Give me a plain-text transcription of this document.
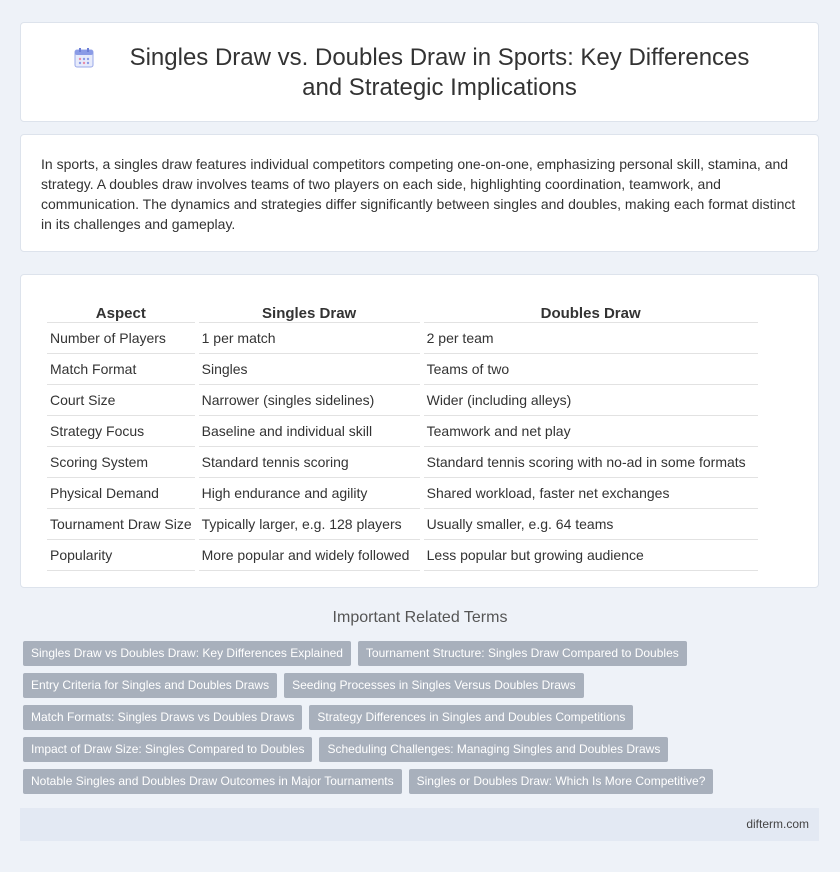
Singles Draw vs. Doubles Draw in Sports: Key Differences and Strategic Implications
In sports, a singles draw features individual competitors competing one-on-one, emphasizing personal skill, stamina, and strategy. A doubles draw involves teams of two players on each side, highlighting coordination, teamwork, and communication. The dynamics and strategies differ significantly between singles and doubles, making each format distinct in its challenges and gameplay.
Aspect	Singles Draw	Doubles Draw
Number of Players	1 per match	2 per team
Match Format	Singles	Teams of two
Court Size	Narrower (singles sidelines)	Wider (including alleys)
Strategy Focus	Baseline and individual skill	Teamwork and net play
Scoring System	Standard tennis scoring	Standard tennis scoring with no-ad in some formats
Physical Demand	High endurance and agility	Shared workload, faster net exchanges
Tournament Draw Size	Typically larger, e.g. 128 players	Usually smaller, e.g. 64 teams
Popularity	More popular and widely followed	Less popular but growing audience
Important Related Terms
Singles Draw vs Doubles Draw: Key Differences Explained	Tournament Structure: Singles Draw Compared to Doubles
Entry Criteria for Singles and Doubles Draws	Seeding Processes in Singles Versus Doubles Draws
Match Formats: Singles Draws vs Doubles Draws	Strategy Differences in Singles and Doubles Competitions
Impact of Draw Size: Singles Compared to Doubles	Scheduling Challenges: Managing Singles and Doubles Draws
Notable Singles and Doubles Draw Outcomes in Major Tournaments	Singles or Doubles Draw: Which Is More Competitive?
difterm.com
